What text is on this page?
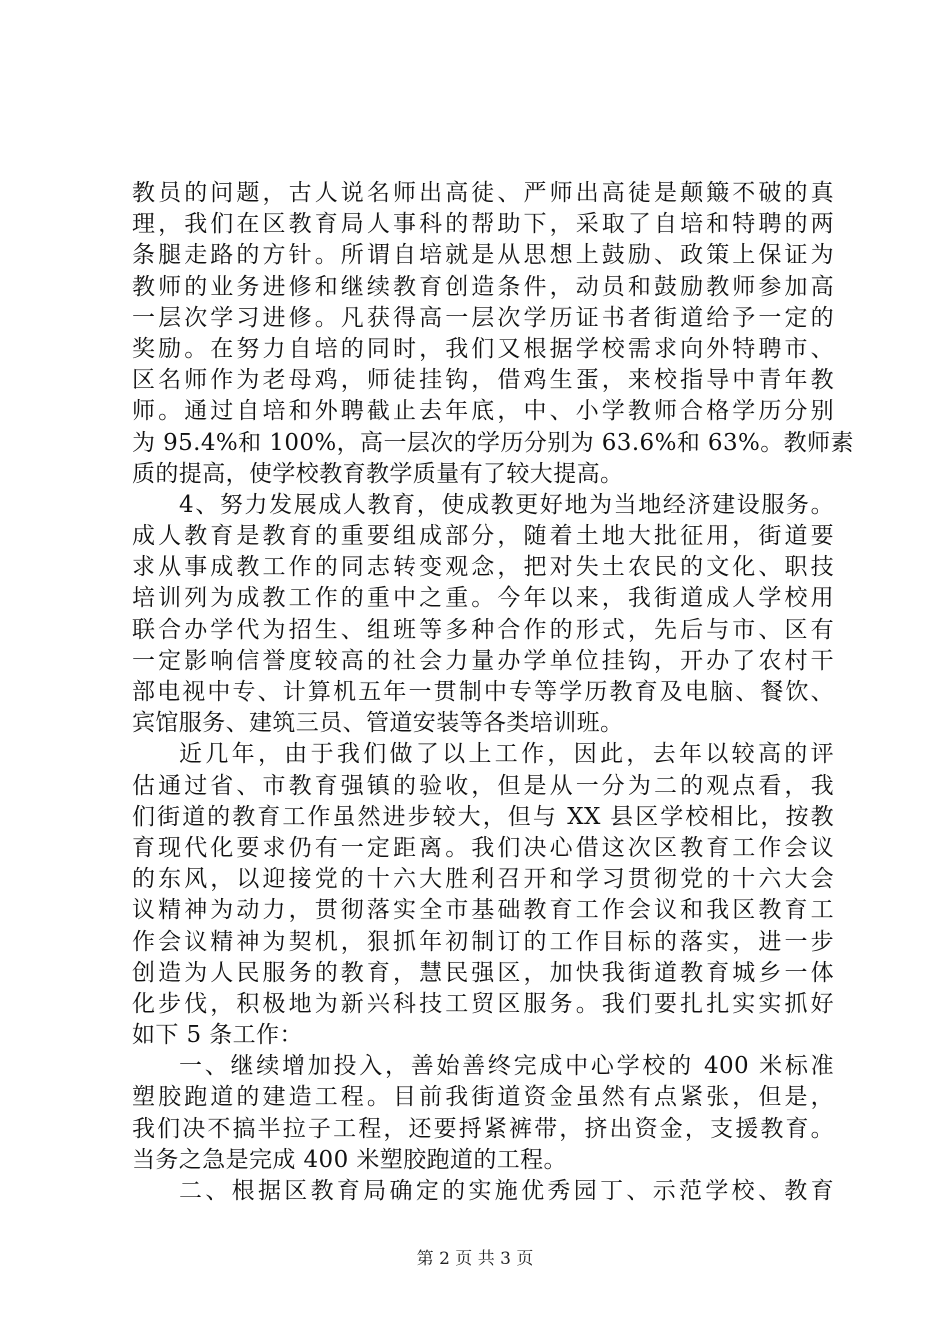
教员的问题，古人说名师出高徒、严师出高徒是颠簸不破的真
理，我们在区教育局人事科的帮助下，采取了自培和特聘的两
条腿走路的方针。所谓自培就是从思想上鼓励、政策上保证为
教师的业务进修和继续教育创造条件，动员和鼓励教师参加高
一层次学习进修。凡获得高一层次学历证书者街道给予一定的
奖励。在努力自培的同时，我们又根据学校需求向外特聘市、
区名师作为老母鸡，师徒挂钩，借鸡生蛋，来校指导中青年教
师。通过自培和外聘截止去年底，中、小学教师合格学历分别
为 95.4%和 100%，高一层次的学历分别为 63.6%和 63%。教师素
质的提高，使学校教育教学质量有了较大提高。
4、努力发展成人教育，使成教更好地为当地经济建设服务。
成人教育是教育的重要组成部分，随着土地大批征用，街道要
求从事成教工作的同志转变观念，把对失土农民的文化、职技
培训列为成教工作的重中之重。今年以来，我街道成人学校用
联合办学代为招生、组班等多种合作的形式，先后与市、区有
一定影响信誉度较高的社会力量办学单位挂钩，开办了农村干
部电视中专、计算机五年一贯制中专等学历教育及电脑、餐饮、
宾馆服务、建筑三员、管道安装等各类培训班。
近几年，由于我们做了以上工作，因此，去年以较高的评
估通过省、市教育强镇的验收，但是从一分为二的观点看，我
们街道的教育工作虽然进步较大，但与 XX 县区学校相比，按教
育现代化要求仍有一定距离。我们决心借这次区教育工作会议
的东风，以迎接党的十六大胜利召开和学习贯彻党的十六大会
议精神为动力，贯彻落实全市基础教育工作会议和我区教育工
作会议精神为契机，狠抓年初制订的工作目标的落实，进一步
创造为人民服务的教育，慧民强区，加快我街道教育城乡一体
化步伐，积极地为新兴科技工贸区服务。我们要扎扎实实抓好
如下 5 条工作：
一、继续增加投入，善始善终完成中心学校的 400 米标准
塑胶跑道的建造工程。目前我街道资金虽然有点紧张，但是，
我们决不搞半拉子工程，还要捋紧裤带，挤出资金，支援教育。
当务之急是完成 400 米塑胶跑道的工程。
二、根据区教育局确定的实施优秀园丁、示范学校、教育
第 2 页 共 3 页
